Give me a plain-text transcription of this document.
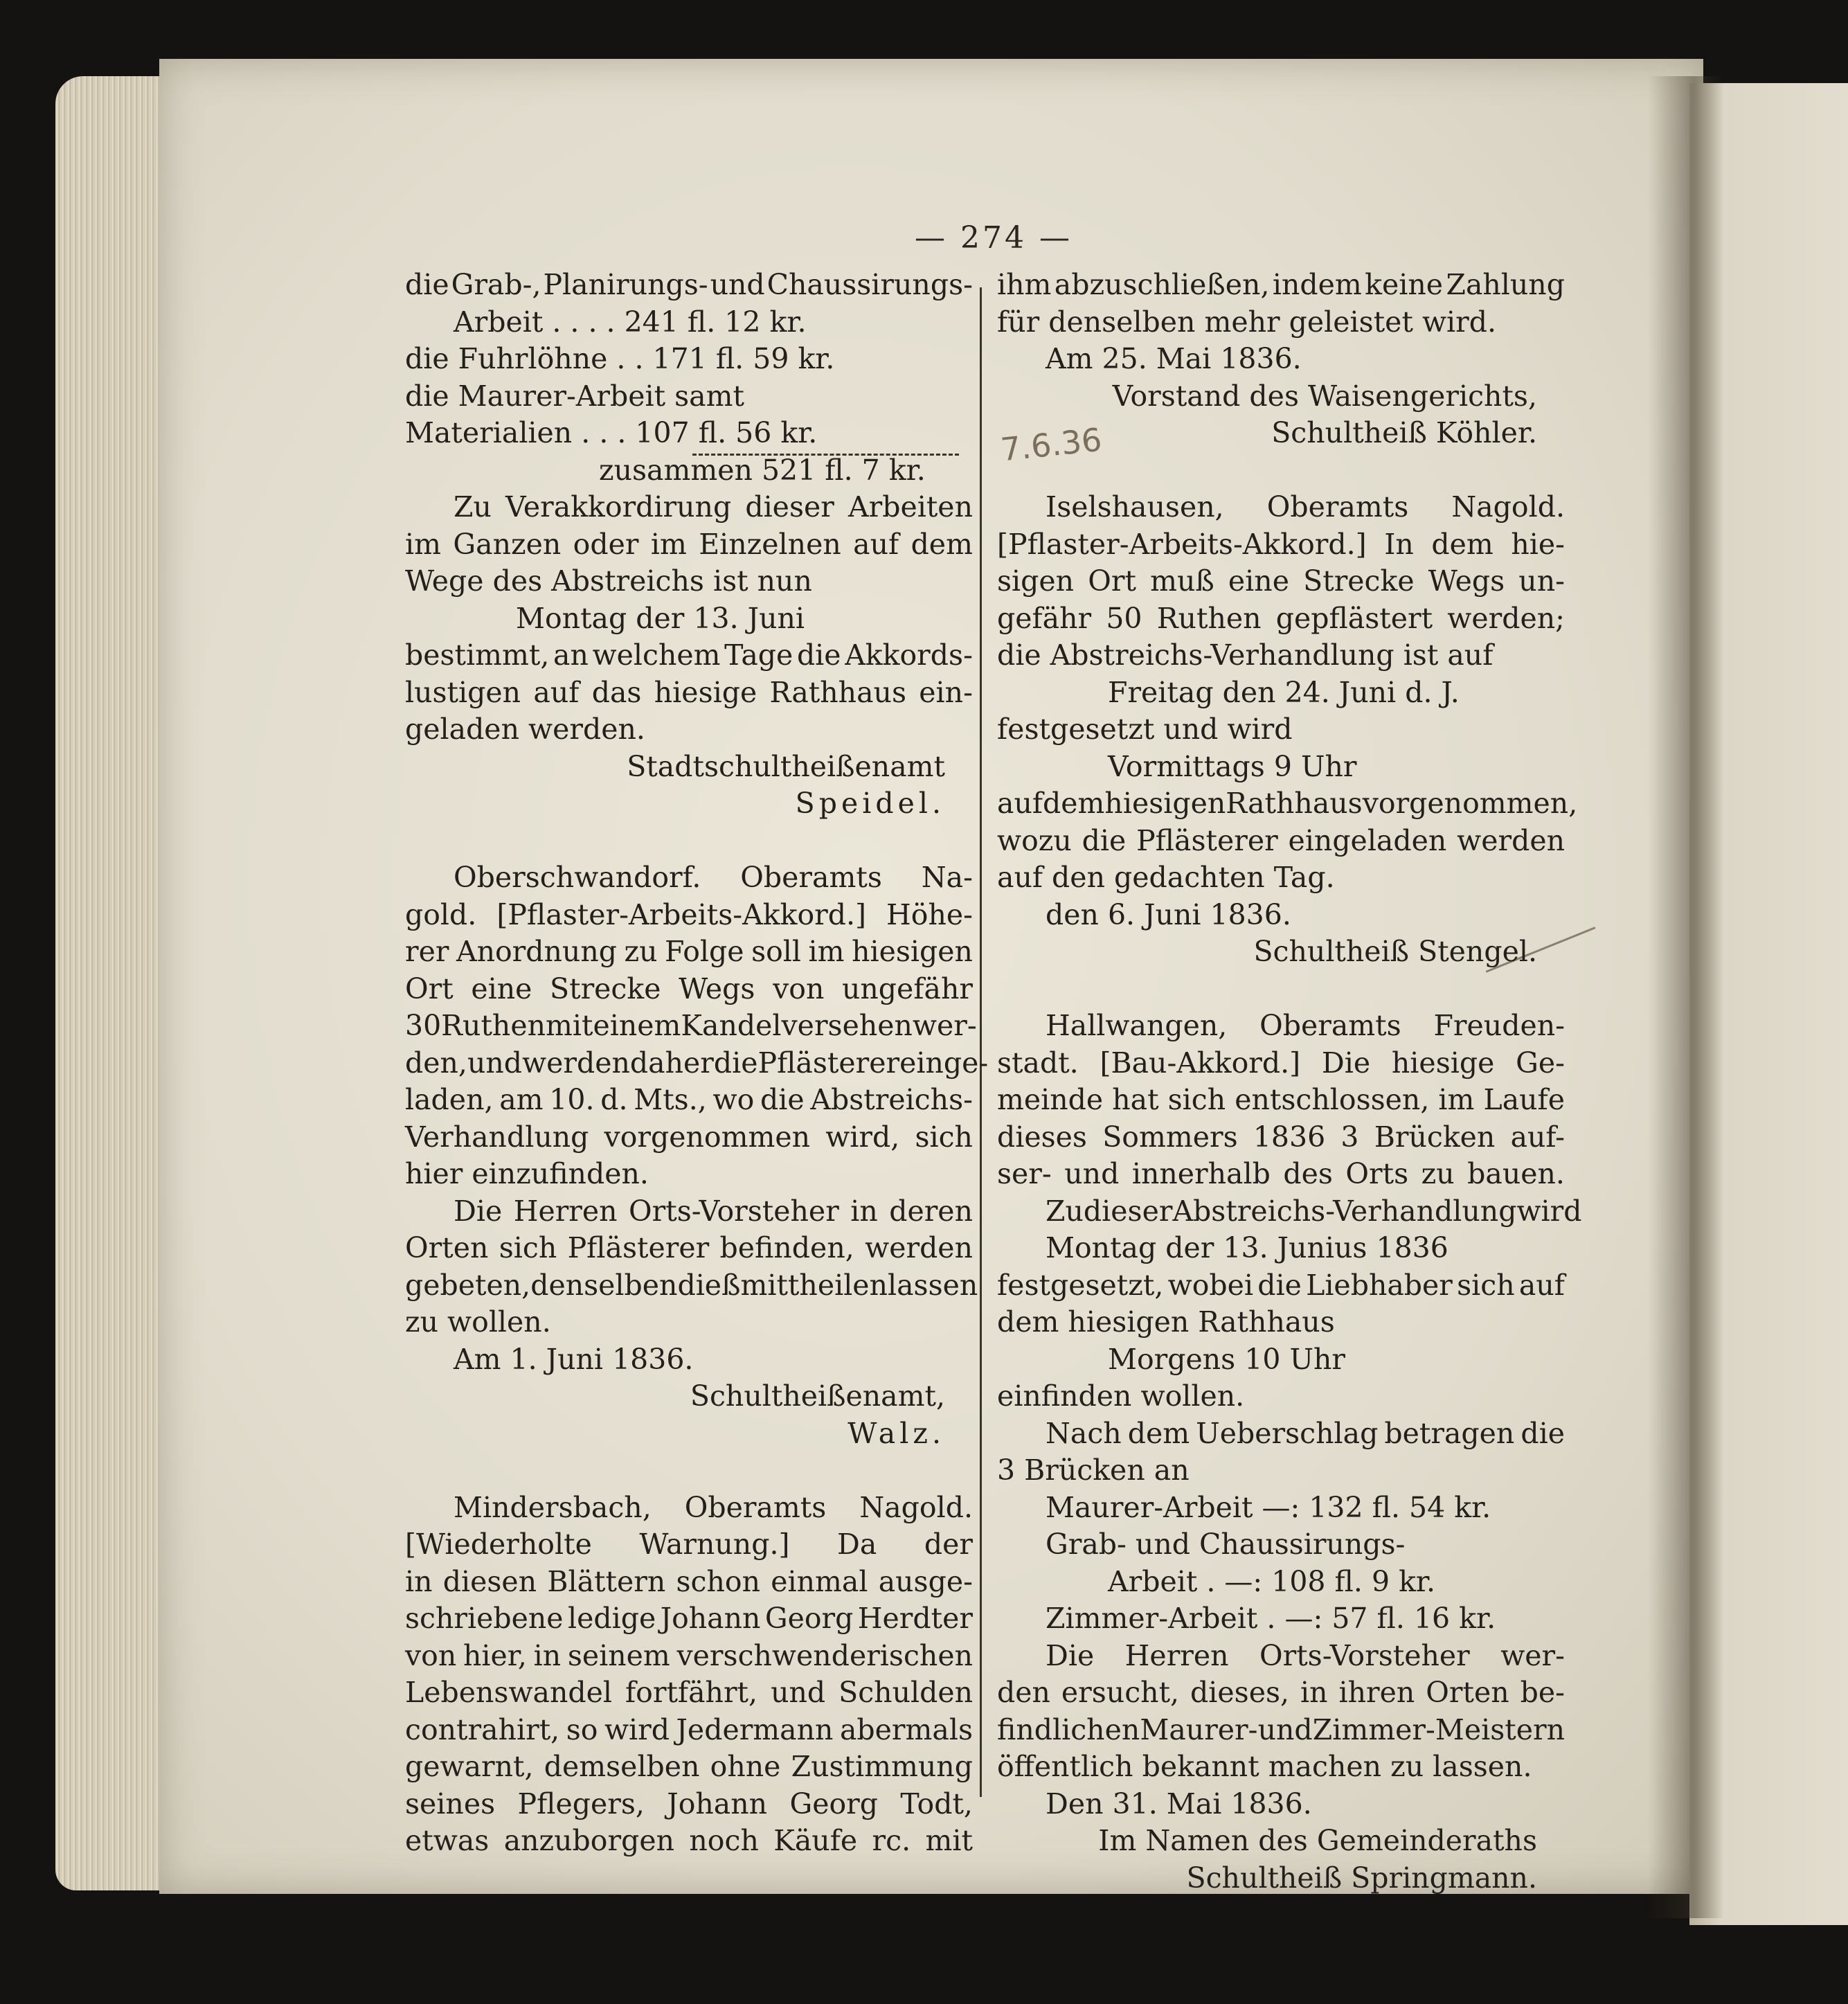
— 274 —
7.6.36
die Grab-, Planirungs- und Chaussirungs-
Arbeit . . . . 241 fl. 12 kr.
die Fuhrlöhne . . 171 fl. 59 kr.
die Maurer-Arbeit samt
Materialien . . . 107 fl. 56 kr.
zusammen 521 fl. 7 kr.
Zu Verakkordirung dieser Arbeiten
im Ganzen oder im Einzelnen auf dem
Wege des Abstreichs ist nun
Montag der 13. Juni
bestimmt, an welchem Tage die Akkords-
lustigen auf das hiesige Rathhaus ein-
geladen werden.
Stadtschultheißenamt
Speidel.
Oberschwandorf. Oberamts Na-
gold. [Pflaster-Arbeits-Akkord.] Höhe-
rer Anordnung zu Folge soll im hiesigen
Ort eine Strecke Wegs von ungefähr
30 Ruthen mit einem Kandel versehen wer-
den, und werden daher die Pflästerer einge-
laden, am 10. d. Mts., wo die Abstreichs-
Verhandlung vorgenommen wird, sich
hier einzufinden.
Die Herren Orts-Vorsteher in deren
Orten sich Pflästerer befinden, werden
gebeten, denselben dieß mittheilen lassen
zu wollen.
Am 1. Juni 1836.
Schultheißenamt,
Walz.
Mindersbach, Oberamts Nagold.
[Wiederholte Warnung.] Da der
in diesen Blättern schon einmal ausge-
schriebene ledige Johann Georg Herdter
von hier, in seinem verschwenderischen
Lebenswandel fortfährt, und Schulden
contrahirt, so wird Jedermann abermals
gewarnt, demselben ohne Zustimmung
seines Pflegers, Johann Georg Todt,
etwas anzuborgen noch Käufe rc. mit
ihm abzuschließen, indem keine Zahlung
für denselben mehr geleistet wird.
Am 25. Mai 1836.
Vorstand des Waisengerichts,
Schultheiß Köhler.
Iselshausen, Oberamts Nagold.
[Pflaster-Arbeits-Akkord.] In dem hie-
sigen Ort muß eine Strecke Wegs un-
gefähr 50 Ruthen gepflästert werden;
die Abstreichs-Verhandlung ist auf
Freitag den 24. Juni d. J.
festgesetzt und wird
Vormittags 9 Uhr
auf dem hiesigen Rathhaus vorgenommen,
wozu die Pflästerer eingeladen werden
auf den gedachten Tag.
den 6. Juni 1836.
Schultheiß Stengel.
Hallwangen, Oberamts Freuden-
stadt. [Bau-Akkord.] Die hiesige Ge-
meinde hat sich entschlossen, im Laufe
dieses Sommers 1836 3 Brücken auf-
ser- und innerhalb des Orts zu bauen.
Zu dieser Abstreichs-Verhandlung wird
Montag der 13. Junius 1836
festgesetzt, wobei die Liebhaber sich auf
dem hiesigen Rathhaus
Morgens 10 Uhr
einfinden wollen.
Nach dem Ueberschlag betragen die
3 Brücken an
Maurer-Arbeit —: 132 fl. 54 kr.
Grab- und Chaussirungs-
Arbeit . —: 108 fl. 9 kr.
Zimmer-Arbeit . —: 57 fl. 16 kr.
Die Herren Orts-Vorsteher wer-
den ersucht, dieses, in ihren Orten be-
findlichen Maurer- und Zimmer-Meistern
öffentlich bekannt machen zu lassen.
Den 31. Mai 1836.
Im Namen des Gemeinderaths
Schultheiß Springmann.
